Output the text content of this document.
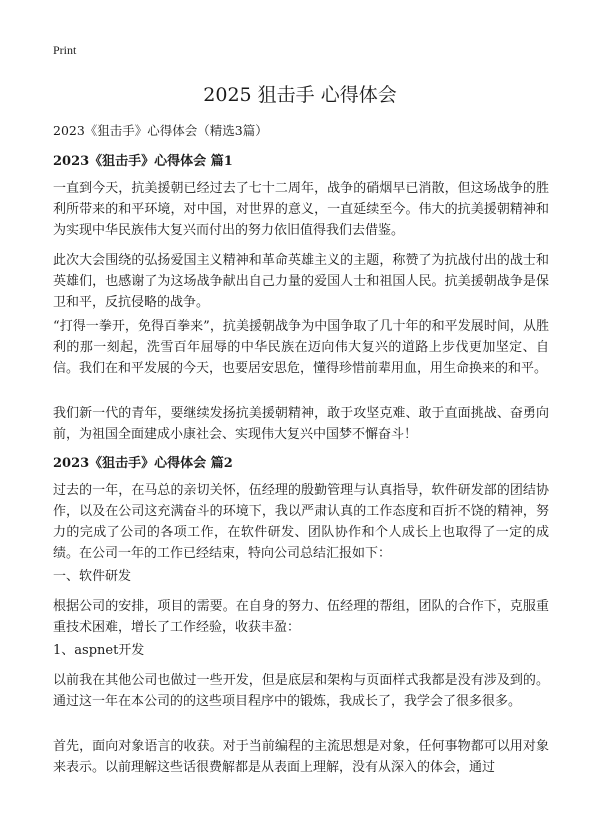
Print
2025 狙击手 心得体会
2023《狙击手》心得体会（精选3篇）
2023《狙击手》心得体会 篇1

一直到今天，抗美援朝已经过去了七十二周年，战争的硝烟早已消散，但这场战争的胜利所带来的和平环境，对中国，对世界的意义，一直延续至今。伟大的抗美援朝精神和为实现中华民族伟大复兴而付出的努力依旧值得我们去借鉴。

此次大会围绕的弘扬爱国主义精神和革命英雄主义的主题，称赞了为抗战付出的战士和英雄们，也感谢了为这场战争献出自己力量的爱国人士和祖国人民。抗美援朝战争是保卫和平，反抗侵略的战争。

“打得一拳开，免得百拳来”，抗美援朝战争为中国争取了几十年的和平发展时间，从胜利的那一刻起，洗雪百年屈辱的中华民族在迈向伟大复兴的道路上步伐更加坚定、自信。我们在和平发展的今天，也要居安思危，懂得珍惜前辈用血，用生命换来的和平。

我们新一代的青年，要继续发扬抗美援朝精神，敢于攻坚克难、敢于直面挑战、奋勇向前，为祖国全面建成小康社会、实现伟大复兴中国梦不懈奋斗！

2023《狙击手》心得体会 篇2

过去的一年，在马总的亲切关怀，伍经理的殷勤管理与认真指导，软件研发部的团结协作，以及在公司这充满奋斗的环境下，我以严肃认真的工作态度和百折不饶的精神，努力的完成了公司的各项工作，在软件研发、团队协作和个人成长上也取得了一定的成绩。在公司一年的工作已经结束，特向公司总结汇报如下：

一、软件研发

根据公司的安排，项目的需要。在自身的努力、伍经理的帮组，团队的合作下，克服重重技术困难，增长了工作经验，收获丰盈：

1、aspnet开发

以前我在其他公司也做过一些开发，但是底层和架构与页面样式我都是没有涉及到的。通过这一年在本公司的的这些项目程序中的锻炼，我成长了，我学会了很多很多。

首先，面向对象语言的收获。对于当前编程的主流思想是对象，任何事物都可以用对象来表示。以前理解这些话很费解都是从表面上理解，没有从深入的体会，通过
